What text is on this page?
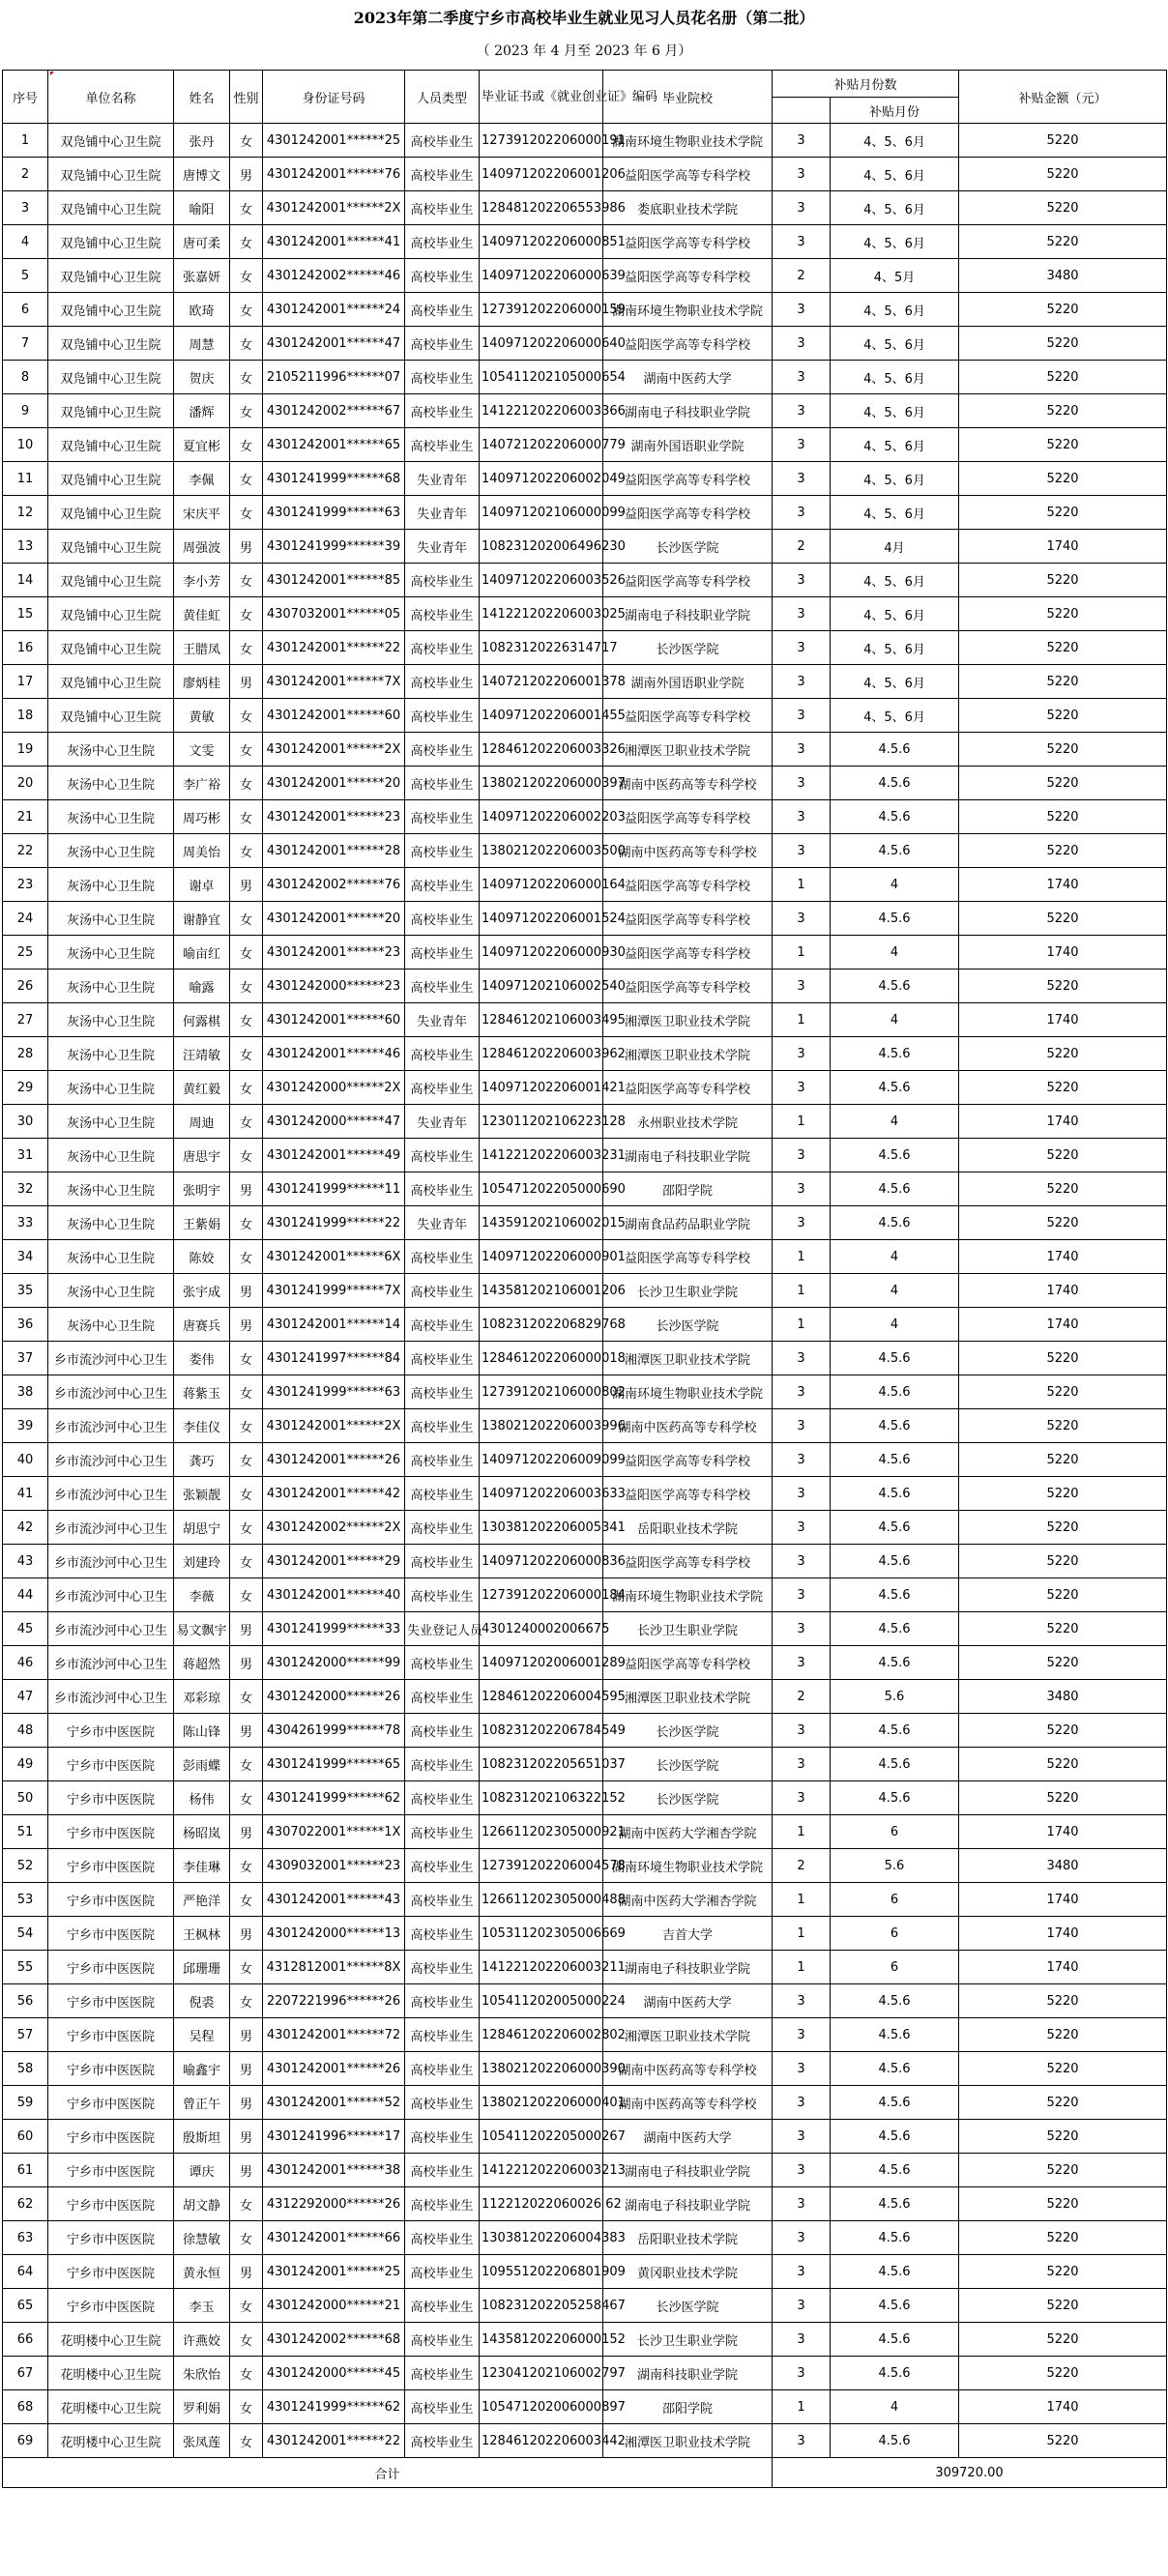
2023年第二季度宁乡市高校毕业生就业见习人员花名册（第二批）
（ 2023 年 4 月至 2023 年 6 月）
序号	单位名称	姓名	性别	身份证号码	人员类型	毕业证书或《就业创业证》编码	毕业院校	补贴月份数		补贴金额（元）
									补贴月份	
1	双凫铺中心卫生院	张丹	女	4301242001******25	高校毕业生	127391202206000191	湖南环境生物职业技术学院	3	4、5、6月	5220
2	双凫铺中心卫生院	唐博文	男	4301242001******76	高校毕业生	140971202206001206	益阳医学高等专科学校	3	4、5、6月	5220
3	双凫铺中心卫生院	喻阳	女	4301242001******2X	高校毕业生	128481202206553986	娄底职业技术学院	3	4、5、6月	5220
4	双凫铺中心卫生院	唐可柔	女	4301242001******41	高校毕业生	140971202206000851	益阳医学高等专科学校	3	4、5、6月	5220
5	双凫铺中心卫生院	张嘉妍	女	4301242002******46	高校毕业生	140971202206000639	益阳医学高等专科学校	2	4、5月	3480
6	双凫铺中心卫生院	欧琦	女	4301242001******24	高校毕业生	127391202206000159	湖南环境生物职业技术学院	3	4、5、6月	5220
7	双凫铺中心卫生院	周慧	女	4301242001******47	高校毕业生	140971202206000640	益阳医学高等专科学校	3	4、5、6月	5220
8	双凫铺中心卫生院	贺庆	女	2105211996******07	高校毕业生	105411202105000654	湖南中医药大学	3	4、5、6月	5220
9	双凫铺中心卫生院	潘辉	女	4301242002******67	高校毕业生	141221202206003366	湖南电子科技职业学院	3	4、5、6月	5220
10	双凫铺中心卫生院	夏宜彬	女	4301242001******65	高校毕业生	140721202206000779	湖南外国语职业学院	3	4、5、6月	5220
11	双凫铺中心卫生院	李佩	女	4301241999******68	失业青年	140971202206002049	益阳医学高等专科学校	3	4、5、6月	5220
12	双凫铺中心卫生院	宋庆平	女	4301241999******63	失业青年	140971202106000099	益阳医学高等专科学校	3	4、5、6月	5220
13	双凫铺中心卫生院	周强波	男	4301241999******39	失业青年	108231202006496230	长沙医学院	2	4月	1740
14	双凫铺中心卫生院	李小芳	女	4301242001******85	高校毕业生	140971202206003526	益阳医学高等专科学校	3	4、5、6月	5220
15	双凫铺中心卫生院	黄佳虹	女	4307032001******05	高校毕业生	141221202206003025	湖南电子科技职业学院	3	4、5、6月	5220
16	双凫铺中心卫生院	王腊凤	女	4301242001******22	高校毕业生	10823120226314717	长沙医学院	3	4、5、6月	5220
17	双凫铺中心卫生院	廖炳桂	男	4301242001******7X	高校毕业生	140721202206001378	湖南外国语职业学院	3	4、5、6月	5220
18	双凫铺中心卫生院	黄敏	女	4301242001******60	高校毕业生	140971202206001455	益阳医学高等专科学校	3	4、5、6月	5220
19	灰汤中心卫生院	文雯	女	4301242001******2X	高校毕业生	128461202206003326	湘潭医卫职业技术学院	3	4.5.6	5220
20	灰汤中心卫生院	李广裕	女	4301242001******20	高校毕业生	138021202206000397	湖南中医药高等专科学校	3	4.5.6	5220
21	灰汤中心卫生院	周巧彬	女	4301242001******23	高校毕业生	140971202206002203	益阳医学高等专科学校	3	4.5.6	5220
22	灰汤中心卫生院	周美怡	女	4301242001******28	高校毕业生	138021202206003500	湖南中医药高等专科学校	3	4.5.6	5220
23	灰汤中心卫生院	谢卓	男	4301242002******76	高校毕业生	140971202206000164	益阳医学高等专科学校	1	4	1740
24	灰汤中心卫生院	谢静宜	女	4301242001******20	高校毕业生	140971202206001524	益阳医学高等专科学校	3	4.5.6	5220
25	灰汤中心卫生院	喻亩红	女	4301242001******23	高校毕业生	140971202206000930	益阳医学高等专科学校	1	4	1740
26	灰汤中心卫生院	喻露	女	4301242000******23	高校毕业生	140971202106002540	益阳医学高等专科学校	3	4.5.6	5220
27	灰汤中心卫生院	何露棋	女	4301242001******60	失业青年	128461202106003495	湘潭医卫职业技术学院	1	4	1740
28	灰汤中心卫生院	汪靖敏	女	4301242001******46	高校毕业生	128461202206003962	湘潭医卫职业技术学院	3	4.5.6	5220
29	灰汤中心卫生院	黄红毅	女	4301242000******2X	高校毕业生	140971202206001421	益阳医学高等专科学校	3	4.5.6	5220
30	灰汤中心卫生院	周迪	女	4301242000******47	失业青年	123011202106223128	永州职业技术学院	1	4	1740
31	灰汤中心卫生院	唐思宇	女	4301242001******49	高校毕业生	141221202206003231	湖南电子科技职业学院	3	4.5.6	5220
32	灰汤中心卫生院	张明宇	男	4301241999******11	高校毕业生	105471202205000690	邵阳学院	3	4.5.6	5220
33	灰汤中心卫生院	王紫娟	女	4301241999******22	失业青年	143591202106002015	湖南食品药品职业学院	3	4.5.6	5220
34	灰汤中心卫生院	陈姣	女	4301242001******6X	高校毕业生	140971202206000901	益阳医学高等专科学校	1	4	1740
35	灰汤中心卫生院	张宇成	男	4301241999******7X	高校毕业生	143581202106001206	长沙卫生职业学院	1	4	1740
36	灰汤中心卫生院	唐赛兵	男	4301242001******14	高校毕业生	108231202206829768	长沙医学院	1	4	1740
37	乡市流沙河中心卫生	娄伟	女	4301241997******84	高校毕业生	128461202206000018	湘潭医卫职业技术学院	3	4.5.6	5220
38	乡市流沙河中心卫生	蒋紫玉	女	4301241999******63	高校毕业生	127391202106000802	湖南环境生物职业技术学院	3	4.5.6	5220
39	乡市流沙河中心卫生	李佳仪	女	4301242001******2X	高校毕业生	138021202206003996	湖南中医药高等专科学校	3	4.5.6	5220
40	乡市流沙河中心卫生	龚巧	女	4301242001******26	高校毕业生	140971202206009099	益阳医学高等专科学校	3	4.5.6	5220
41	乡市流沙河中心卫生	张颖靓	女	4301242001******42	高校毕业生	140971202206003633	益阳医学高等专科学校	3	4.5.6	5220
42	乡市流沙河中心卫生	胡思宁	女	4301242002******2X	高校毕业生	130381202206005341	岳阳职业技术学院	3	4.5.6	5220
43	乡市流沙河中心卫生	刘建玲	女	4301242001******29	高校毕业生	140971202206000836	益阳医学高等专科学校	3	4.5.6	5220
44	乡市流沙河中心卫生	李薇	女	4301242001******40	高校毕业生	127391202206000184	湖南环境生物职业技术学院	3	4.5.6	5220
45	乡市流沙河中心卫生	易文飘宇	男	4301241999******33	失业登记人员	4301240002006675	长沙卫生职业学院	3	4.5.6	5220
46	乡市流沙河中心卫生	蒋超然	男	4301242000******99	高校毕业生	140971202006001289	益阳医学高等专科学校	3	4.5.6	5220
47	乡市流沙河中心卫生	邓彩琼	女	4301242000******26	高校毕业生	128461202206004595	湘潭医卫职业技术学院	2	5.6	3480
48	宁乡市中医医院	陈山锋	男	4304261999******78	高校毕业生	108231202206784549	长沙医学院	3	4.5.6	5220
49	宁乡市中医医院	彭雨蝶	女	4301241999******65	高校毕业生	108231202205651037	长沙医学院	3	4.5.6	5220
50	宁乡市中医医院	杨伟	女	4301241999******62	高校毕业生	108231202106322152	长沙医学院	3	4.5.6	5220
51	宁乡市中医医院	杨昭岚	男	4307022001******1X	高校毕业生	126611202305000921	湖南中医药大学湘杏学院	1	6	1740
52	宁乡市中医医院	李佳琳	女	4309032001******23	高校毕业生	127391202206004578	湖南环境生物职业技术学院	2	5.6	3480
53	宁乡市中医医院	严艳洋	女	4301242001******43	高校毕业生	126611202305000488	湖南中医药大学湘杏学院	1	6	1740
54	宁乡市中医医院	王枫林	男	4301242000******13	高校毕业生	105311202305006669	吉首大学	1	6	1740
55	宁乡市中医医院	邱珊珊	女	4312812001******8X	高校毕业生	141221202206003211	湖南电子科技职业学院	1	6	1740
56	宁乡市中医医院	倪裘	女	2207221996******26	高校毕业生	105411202005000224	湖南中医药大学	3	4.5.6	5220
57	宁乡市中医医院	吴程	男	4301242001******72	高校毕业生	128461202206002802	湘潭医卫职业技术学院	3	4.5.6	5220
58	宁乡市中医医院	喻鑫宇	男	4301242001******26	高校毕业生	138021202206000390	湖南中医药高等专科学校	3	4.5.6	5220
59	宁乡市中医医院	曾正午	男	4301242001******52	高校毕业生	138021202206000401	湖南中医药高等专科学校	3	4.5.6	5220
60	宁乡市中医医院	殷斯坦	男	4301241996******17	高校毕业生	105411202205000267	湖南中医药大学	3	4.5.6	5220
61	宁乡市中医医院	谭庆	男	4301242001******38	高校毕业生	141221202206003213	湖南电子科技职业学院	3	4.5.6	5220
62	宁乡市中医医院	胡文静	女	4312292000******26	高校毕业生	112212022060026 62	湖南电子科技职业学院	3	4.5.6	5220
63	宁乡市中医医院	徐慧敏	女	4301242001******66	高校毕业生	130381202206004383	岳阳职业技术学院	3	4.5.6	5220
64	宁乡市中医医院	黄永恒	男	4301242001******25	高校毕业生	109551202206801909	黄冈职业技术学院	3	4.5.6	5220
65	宁乡市中医医院	李玉	女	4301242000******21	高校毕业生	108231202205258467	长沙医学院	3	4.5.6	5220
66	花明楼中心卫生院	许燕姣	女	4301242002******68	高校毕业生	143581202206000152	长沙卫生职业学院	3	4.5.6	5220
67	花明楼中心卫生院	朱欣怡	女	4301242000******45	高校毕业生	123041202106002797	湖南科技职业学院	3	4.5.6	5220
68	花明楼中心卫生院	罗利娟	女	4301241999******62	高校毕业生	105471202006000897	邵阳学院	1	4	1740
69	花明楼中心卫生院	张凤莲	女	4301242001******22	高校毕业生	128461202206003442	湘潭医卫职业技术学院	3	4.5.6	5220
合计								309720.00		
